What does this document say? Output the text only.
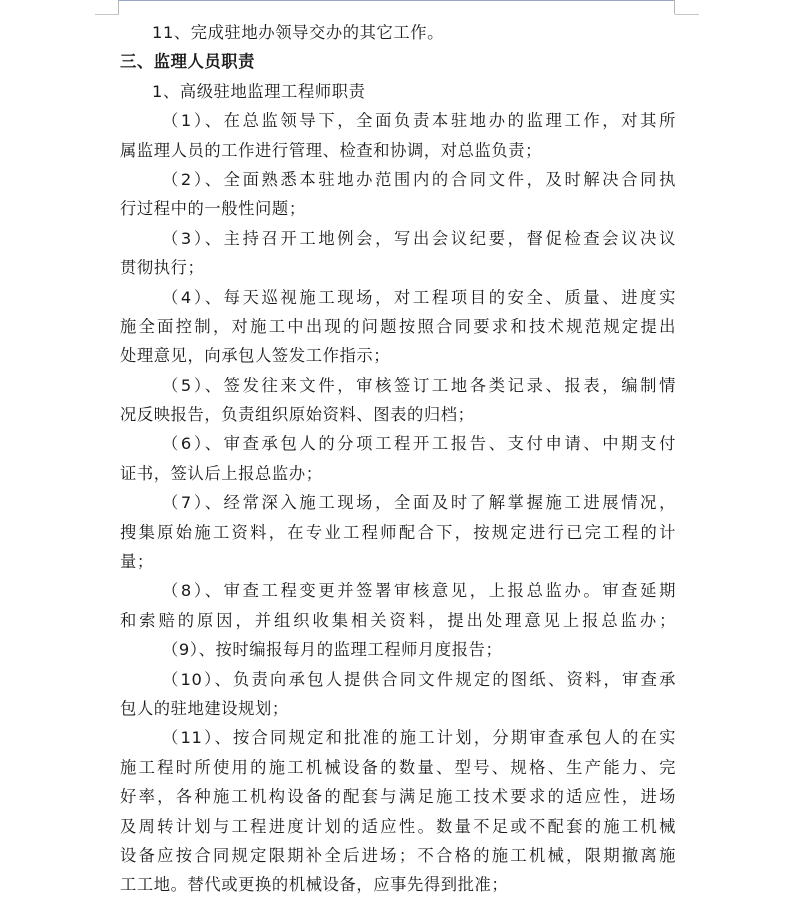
11、完成驻地办领导交办的其它工作。
三、监理人员职责
1、高级驻地监理工程师职责
（1）、在总监领导下，全面负责本驻地办的监理工作，对其所
属监理人员的工作进行管理、检查和协调，对总监负责；
（2）、全面熟悉本驻地办范围内的合同文件，及时解决合同执
行过程中的一般性问题；
（3）、主持召开工地例会，写出会议纪要，督促检查会议决议
贯彻执行；
（4）、每天巡视施工现场，对工程项目的安全、质量、进度实
施全面控制，对施工中出现的问题按照合同要求和技术规范规定提出
处理意见，向承包人签发工作指示；
（5）、签发往来文件，审核签订工地各类记录、报表，编制情
况反映报告，负责组织原始资料、图表的归档；
（6）、审查承包人的分项工程开工报告、支付申请、中期支付
证书，签认后上报总监办；
（7）、经常深入施工现场，全面及时了解掌握施工进展情况，
搜集原始施工资料，在专业工程师配合下，按规定进行已完工程的计
量；
（8）、审查工程变更并签署审核意见，上报总监办。审查延期
和索赔的原因，并组织收集相关资料，提出处理意见上报总监办；
（9）、按时编报每月的监理工程师月度报告；
（10）、负责向承包人提供合同文件规定的图纸、资料，审查承
包人的驻地建设规划；
（11）、按合同规定和批准的施工计划，分期审查承包人的在实
施工程时所使用的施工机械设备的数量、型号、规格、生产能力、完
好率，各种施工机构设备的配套与满足施工技术要求的适应性，进场
及周转计划与工程进度计划的适应性。数量不足或不配套的施工机械
设备应按合同规定限期补全后进场；不合格的施工机械，限期撤离施
工工地。替代或更换的机械设备，应事先得到批准；
